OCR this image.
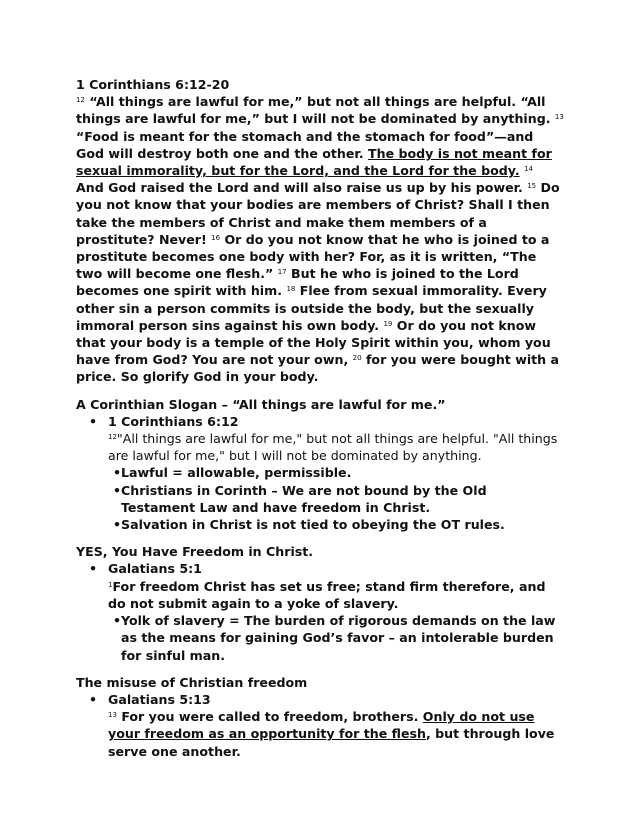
1 Corinthians 6:12-20

$^{12}$ “All things are lawful for me,” but not all things are helpful. “All things are lawful for me,” but I will not be dominated by anything. $^{13}$ “Food is meant for the stomach and the stomach for food”—and God will destroy both one and the other. The body is not meant for sexual immorality, but for the Lord, and the Lord for the body. $^{14}$ And God raised the Lord and will also raise us up by his power. $^{15}$ Do you not know that your bodies are members of Christ? Shall I then take the members of Christ and make them members of a prostitute? Never! $^{16}$ Or do you not know that he who is joined to a prostitute becomes one body with her? For, as it is written, “The two will become one flesh.” $^{17}$ But he who is joined to the Lord becomes one spirit with him. $^{18}$ Flee from sexual immorality. Every other sin a person commits is outside the body, but the sexually immoral person sins against his own body. $^{19}$ Or do you not know that your body is a temple of the Holy Spirit within you, whom you have from God? You are not your own, $^{20}$ for you were bought with a price. So glorify God in your body.

A Corinthian Slogan – “All things are lawful for me.”

• 1 Corinthians 6:12
$^{12}$"All things are lawful for me," but not all things are helpful. "All things are lawful for me," but I will not be dominated by anything.
• Lawful = allowable, permissible.
• Christians in Corinth – We are not bound by the Old Testament Law and have freedom in Christ.
• Salvation in Christ is not tied to obeying the OT rules.

YES, You Have Freedom in Christ.

• Galatians 5:1
$^1$For freedom Christ has set us free; stand firm therefore, and do not submit again to a yoke of slavery.
• Yolk of slavery = The burden of rigorous demands on the law as the means for gaining God’s favor – an intolerable burden for sinful man.

The misuse of Christian freedom

• Galatians 5:13
$^{13}$ For you were called to freedom, brothers. Only do not use your freedom as an opportunity for the flesh, but through love serve one another.
